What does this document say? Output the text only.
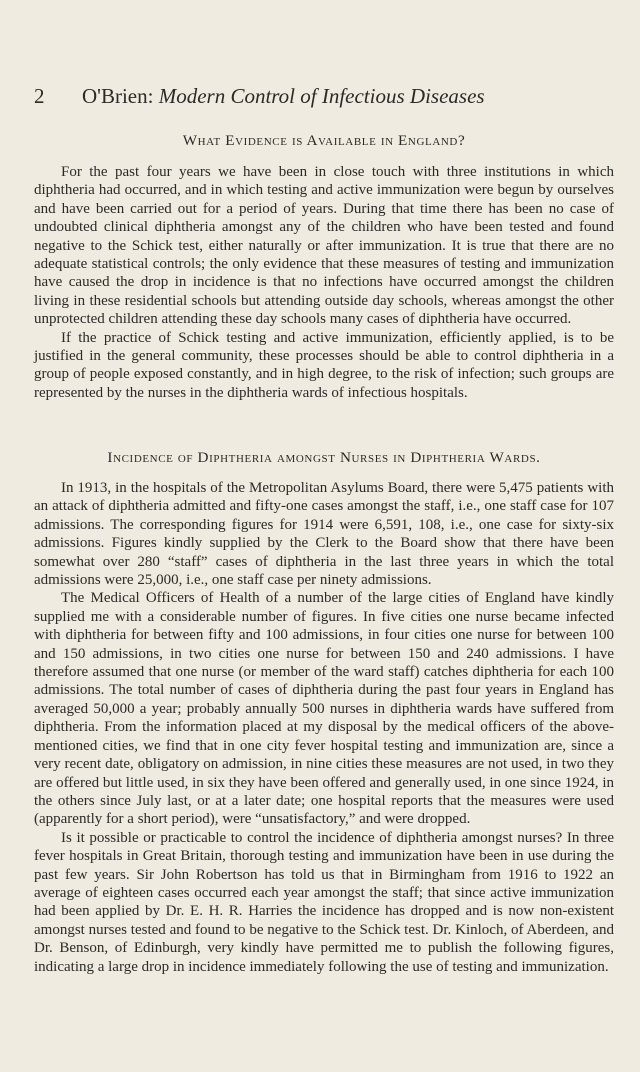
2 O'Brien: Modern Control of Infectious Diseases
What Evidence is Available in England?

For the past four years we have been in close touch with three institutions in which diphtheria had occurred, and in which testing and active immunization were begun by ourselves and have been carried out for a period of years. During that time there has been no case of undoubted clinical diphtheria amongst any of the children who have been tested and found negative to the Schick test, either naturally or after immunization. It is true that there are no adequate statistical controls; the only evidence that these measures of testing and immunization have caused the drop in incidence is that no infections have occurred amongst the children living in these residential schools but attending outside day schools, whereas amongst the other unprotected children attending these day schools many cases of diphtheria have occurred.

If the practice of Schick testing and active immunization, efficiently applied, is to be justified in the general community, these processes should be able to control diphtheria in a group of people exposed constantly, and in high degree, to the risk of infection; such groups are represented by the nurses in the diphtheria wards of infectious hospitals.

Incidence of Diphtheria amongst Nurses in Diphtheria Wards.

In 1913, in the hospitals of the Metropolitan Asylums Board, there were 5,475 patients with an attack of diphtheria admitted and fifty-one cases amongst the staff, i.e., one staff case for 107 admissions. The corresponding figures for 1914 were 6,591, 108, i.e., one case for sixty-six admissions. Figures kindly supplied by the Clerk to the Board show that there have been somewhat over 280 “staff” cases of diphtheria in the last three years in which the total admissions were 25,000, i.e., one staff case per ninety admissions.

The Medical Officers of Health of a number of the large cities of England have kindly supplied me with a considerable number of figures. In five cities one nurse became infected with diphtheria for between fifty and 100 admissions, in four cities one nurse for between 100 and 150 admissions, in two cities one nurse for between 150 and 240 admissions. I have therefore assumed that one nurse (or member of the ward staff) catches diphtheria for each 100 admissions. The total number of cases of diphtheria during the past four years in England has averaged 50,000 a year; probably annually 500 nurses in diphtheria wards have suffered from diphtheria. From the information placed at my disposal by the medical officers of the above-mentioned cities, we find that in one city fever hospital testing and immunization are, since a very recent date, obligatory on admission, in nine cities these measures are not used, in two they are offered but little used, in six they have been offered and generally used, in one since 1924, in the others since July last, or at a later date; one hospital reports that the measures were used (apparently for a short period), were “unsatisfactory,” and were dropped.

Is it possible or practicable to control the incidence of diphtheria amongst nurses? In three fever hospitals in Great Britain, thorough testing and immunization have been in use during the past few years. Sir John Robertson has told us that in Birmingham from 1916 to 1922 an average of eighteen cases occurred each year amongst the staff; that since active immunization had been applied by Dr. E. H. R. Harries the incidence has dropped and is now non-existent amongst nurses tested and found to be negative to the Schick test. Dr. Kinloch, of Aberdeen, and Dr. Benson, of Edinburgh, very kindly have permitted me to publish the following figures, indicating a large drop in incidence immediately following the use of testing and immunization.
